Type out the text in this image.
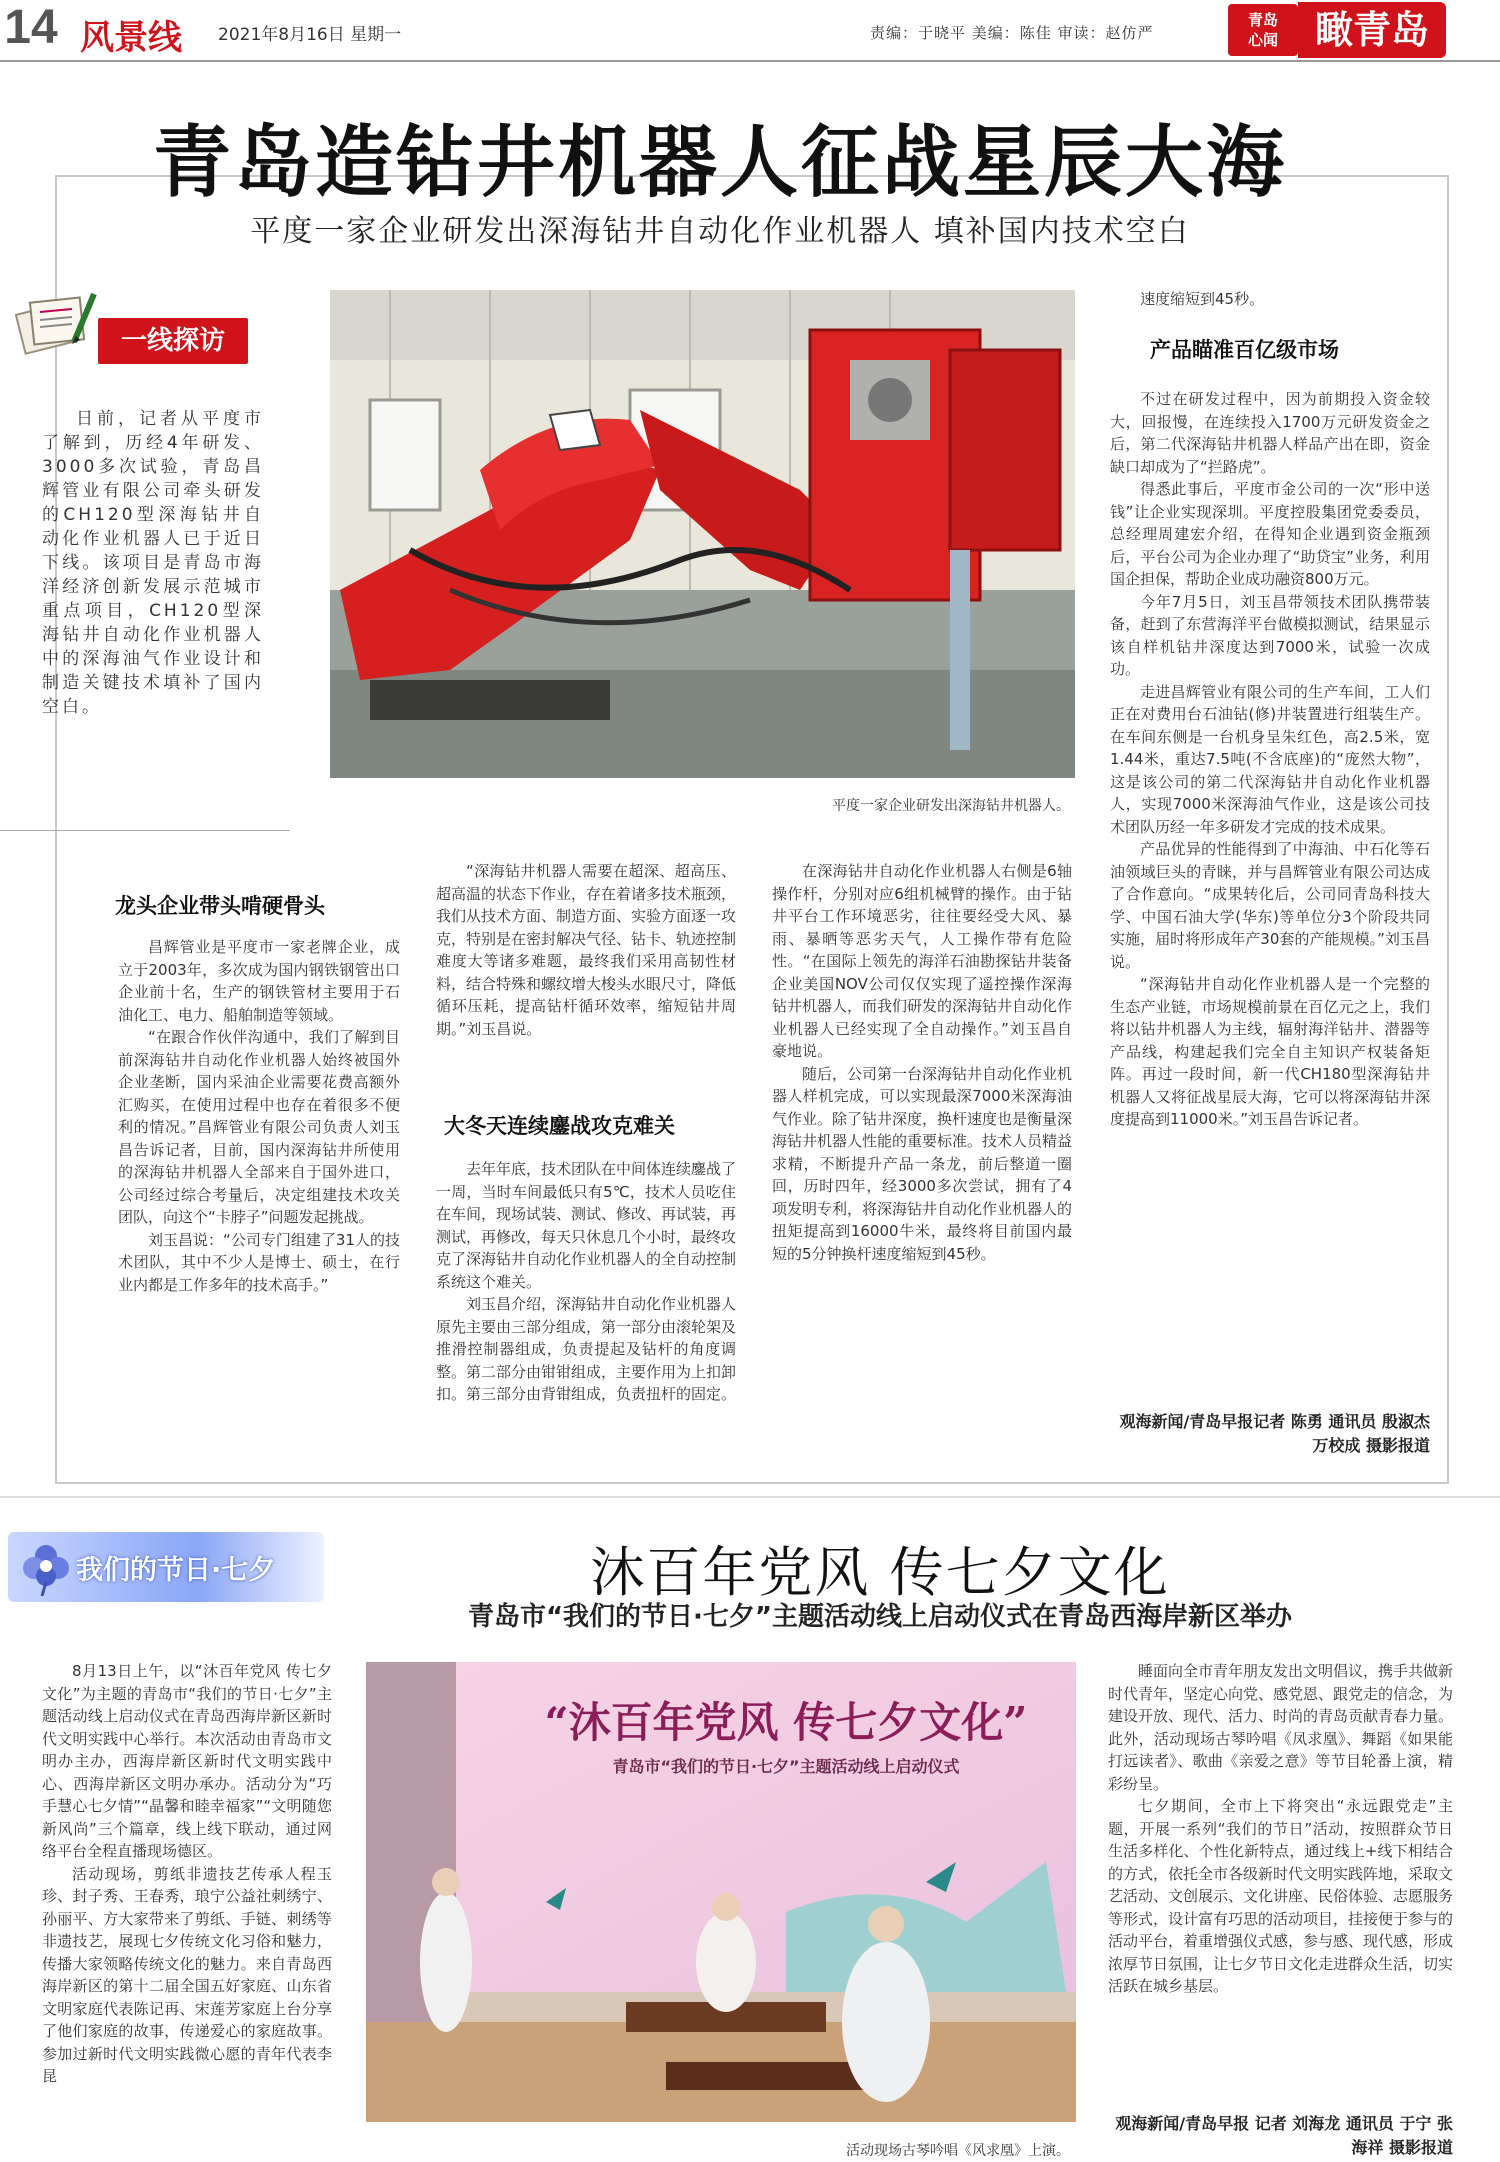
14 风景线 2021年8月16日 星期一	责编：于晓平 美编：陈佳 审读：赵仿严
青岛
心闻 瞰青岛
青岛造钻井机器人征战星辰大海
平度一家企业研发出深海钻井自动化作业机器人 填补国内技术空白
一线探访

日前，记者从平度市了解到，历经4年研发、3000多次试验，青岛昌辉管业有限公司牵头研发的CH120型深海钻井自动化作业机器人已于近日下线。该项目是青岛市海洋经济创新发展示范城市重点项目，CH120型深海钻井自动化作业机器人中的深海油气作业设计和制造关键技术填补了国内空白。

平度一家企业研发出深海钻井机器人。
龙头企业带头啃硬骨头

昌辉管业是平度市一家老牌企业，成立于2003年，多次成为国内钢铁钢管出口企业前十名，生产的钢铁管材主要用于石油化工、电力、船舶制造等领域。

“在跟合作伙伴沟通中，我们了解到目前深海钻井自动化作业机器人始终被国外企业垄断，国内采油企业需要花费高额外汇购买，在使用过程中也存在着很多不便利的情况。”昌辉管业有限公司负责人刘玉昌告诉记者，目前，国内深海钻井所使用的深海钻井机器人全部来自于国外进口，公司经过综合考量后，决定组建技术攻关团队，向这个“卡脖子”问题发起挑战。

刘玉昌说：“公司专门组建了31人的技术团队，其中不少人是博士、硕士，在行业内都是工作多年的技术高手。”

“深海钻井机器人需要在超深、超高压、超高温的状态下作业，存在着诸多技术瓶颈，我们从技术方面、制造方面、实验方面逐一攻克，特别是在密封解决气径、钻卡、轨迹控制难度大等诸多难题，最终我们采用高韧性材料，结合特殊和螺纹增大梭头水眼尺寸，降低循环压耗，提高钻杆循环效率，缩短钻井周期。”刘玉昌说。

大冬天连续鏖战攻克难关

去年年底，技术团队在中间体连续鏖战了一周，当时车间最低只有5℃，技术人员吃住在车间，现场试装、测试、修改、再试装，再测试，再修改，每天只休息几个小时，最终攻克了深海钻井自动化作业机器人的全自动控制系统这个难关。

刘玉昌介绍，深海钻井自动化作业机器人原先主要由三部分组成，第一部分由滚轮架及推滑控制器组成，负责提起及钻杆的角度调整。第二部分由钳钳组成，主要作用为上扣卸扣。第三部分由背钳组成，负责扭杆的固定。

在深海钻井自动化作业机器人右侧是6轴操作杆，分别对应6组机械臂的操作。由于钻井平台工作环境恶劣，往往要经受大风、暴雨、暴晒等恶劣天气，人工操作带有危险性。“在国际上领先的海洋石油勘探钻井装备企业美国NOV公司仅仅实现了遥控操作深海钻井机器人，而我们研发的深海钻井自动化作业机器人已经实现了全自动操作。”刘玉昌自豪地说。

随后，公司第一台深海钻井自动化作业机器人样机完成，可以实现最深7000米深海油气作业。除了钻井深度，换杆速度也是衡量深海钻井机器人性能的重要标准。技术人员精益求精，不断提升产品一条龙，前后整道一圈回，历时四年，经3000多次尝试，拥有了4项发明专利，将深海钻井自动化作业机器人的扭矩提高到16000牛米，最终将目前国内最短的5分钟换杆速度缩短到45秒。

速度缩短到45秒。

产品瞄准百亿级市场

不过在研发过程中，因为前期投入资金较大，回报慢，在连续投入1700万元研发资金之后，第二代深海钻井机器人样品产出在即，资金缺口却成为了“拦路虎”。

得悉此事后，平度市金公司的一次“形中送钱”让企业实现深圳。平度控股集团党委委员，总经理周建宏介绍，在得知企业遇到资金瓶颈后，平台公司为企业办理了“助贷宝”业务，利用国企担保，帮助企业成功融资800万元。

今年7月5日，刘玉昌带领技术团队携带装备，赶到了东营海洋平台做模拟测试，结果显示该自样机钻井深度达到7000米，试验一次成功。

走进昌辉管业有限公司的生产车间，工人们正在对费用台石油钻(修)井装置进行组装生产。在车间东侧是一台机身呈朱红色，高2.5米，宽1.44米，重达7.5吨(不含底座)的“庞然大物”，这是该公司的第二代深海钻井自动化作业机器人，实现7000米深海油气作业，这是该公司技术团队历经一年多研发才完成的技术成果。

产品优异的性能得到了中海油、中石化等石油领域巨头的青睐，并与昌辉管业有限公司达成了合作意向。“成果转化后，公司同青岛科技大学、中国石油大学(华东)等单位分3个阶段共同实施，届时将形成年产30套的产能规模。”刘玉昌说。

“深海钻井自动化作业机器人是一个完整的生态产业链，市场规模前景在百亿元之上，我们将以钻井机器人为主线，辐射海洋钻井、潜器等产品线，构建起我们完全自主知识产权装备矩阵。再过一段时间，新一代CH180型深海钻井机器人又将征战星辰大海，它可以将深海钻井深度提高到11000米。”刘玉昌告诉记者。

观海新闻/青岛早报记者 陈勇 通讯员 殷淑杰 万校成 摄影报道
我们的节日·七夕	沐百年党风 传七夕文化
青岛市“我们的节日·七夕”主题活动线上启动仪式在青岛西海岸新区举办

8月13日上午，以“沐百年党风 传七夕文化”为主题的青岛市“我们的节日·七夕”主题活动线上启动仪式在青岛西海岸新区新时代文明实践中心举行。本次活动由青岛市文明办主办，西海岸新区新时代文明实践中心、西海岸新区文明办承办。活动分为“巧手慧心七夕情”“晶馨和睦幸福家”“文明随您新风尚”三个篇章，线上线下联动，通过网络平台全程直播现场德区。

活动现场，剪纸非遗技艺传承人程玉珍、封子秀、王春秀，琅宁公益社刺绣宁、孙丽平、方大家带来了剪纸、手链、刺绣等非遗技艺，展现七夕传统文化习俗和魅力，传播大家领略传统文化的魅力。来自青岛西海岸新区的第十二届全国五好家庭、山东省文明家庭代表陈记再、宋莲芳家庭上台分享了他们家庭的故事，传递爱心的家庭故事。参加过新时代文明实践微心愿的青年代表李昆

“沐百年党风 传七夕文化”
青岛市“我们的节日·七夕”主题活动线上启动仪式
活动现场古琴吟唱《风求凰》上演。

睡面向全市青年朋友发出文明倡议，携手共做新时代青年，坚定心向党、感党恩、跟党走的信念，为建设开放、现代、活力、时尚的青岛贡献青春力量。此外，活动现场古琴吟唱《凤求凰》、舞蹈《如果能打远读者》、歌曲《亲爱之意》等节目轮番上演，精彩纷呈。

七夕期间，全市上下将突出“永远跟党走”主题，开展一系列“我们的节日”活动，按照群众节日生活多样化、个性化新特点，通过线上+线下相结合的方式，依托全市各级新时代文明实践阵地，采取文艺活动、文创展示、文化讲座、民俗体验、志愿服务等形式，设计富有巧思的活动项目，挂接便于参与的活动平台，着重增强仪式感，参与感、现代感，形成浓厚节日氛围，让七夕节日文化走进群众生活，切实活跃在城乡基层。

观海新闻/青岛早报 记者 刘海龙 通讯员 于宁 张海祥 摄影报道
